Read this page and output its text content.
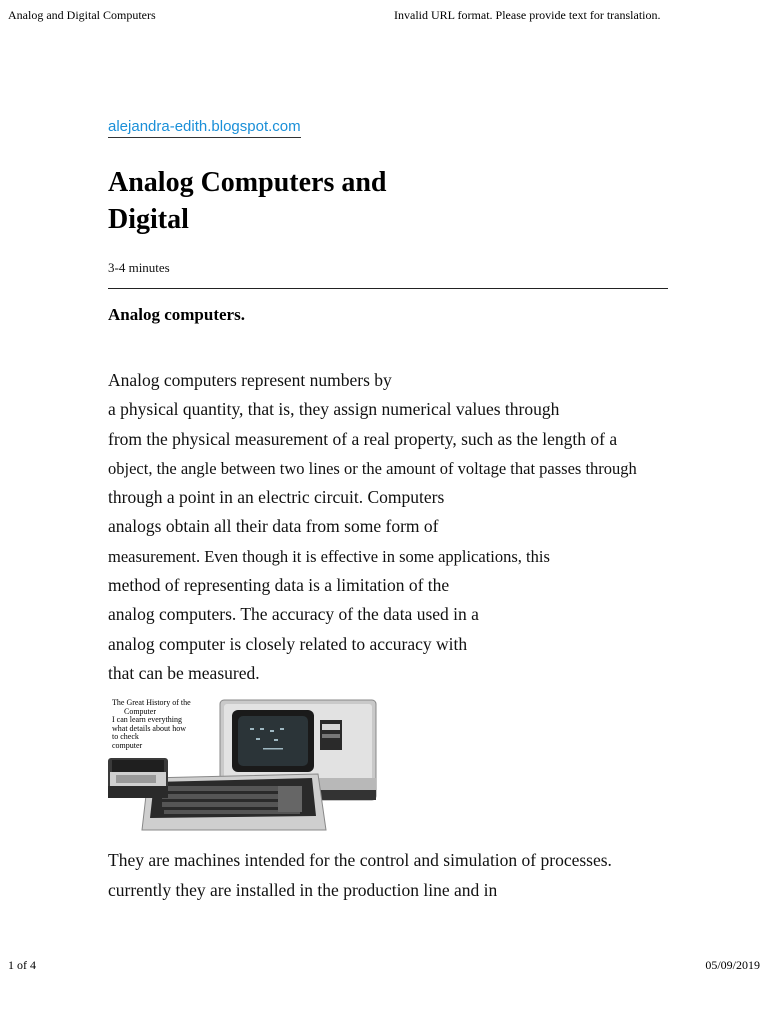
Analog and Digital Computers	Invalid URL format. Please provide text for translation.
alejandra-edith.blogspot.com
Analog Computers and
Digital
3-4 minutes
Analog computers.
Analog computers represent numbers by
a physical quantity, that is, they assign numerical values through
from the physical measurement of a real property, such as the length of a
object, the angle between two lines or the amount of voltage that passes through
through a point in an electric circuit. Computers
analogs obtain all their data from some form of
measurement. Even though it is effective in some applications, this
method of representing data is a limitation of the
analog computers. The accuracy of the data used in a
analog computer is closely related to accuracy with
that can be measured.
The Great History of the
Computer
I can learn everything
what details about how
to check
computer
They are machines intended for the control and simulation of processes.
currently they are installed in the production line and in
1 of 4	05/09/2019
